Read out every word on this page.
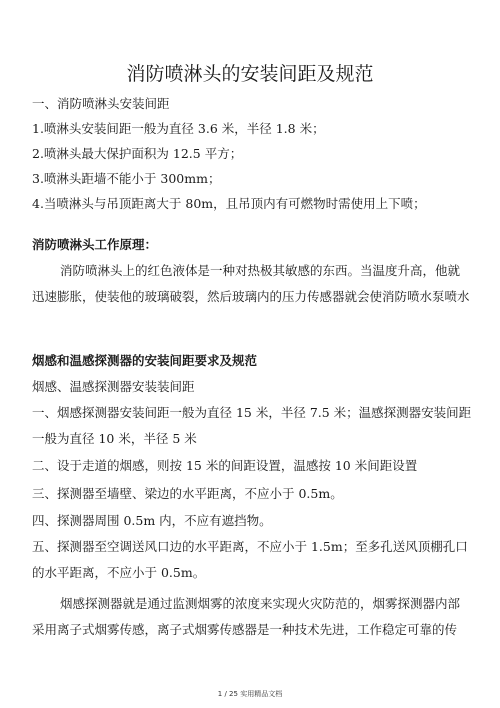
消防喷淋头的安装间距及规范
一、消防喷淋头安装间距
1.喷淋头安装间距一般为直径 3.6 米，半径 1.8 米；
2.喷淋头最大保护面积为 12.5 平方；
3.喷淋头距墙不能小于 300mm；
4.当喷淋头与吊顶距离大于 80m，且吊顶内有可燃物时需使用上下喷；
消防喷淋头工作原理：
消防喷淋头上的红色液体是一种对热极其敏感的东西。当温度升高，他就迅速膨胀，使装他的玻璃破裂，然后玻璃内的压力传感器就会使消防喷水泵喷水
烟感和温感探测器的安装间距要求及规范
烟感、温感探测器安装装间距
一、烟感探测器安装间距一般为直径 15 米，半径 7.5 米；温感探测器安装间距一般为直径 10 米，半径 5 米
二、设于走道的烟感，则按 15 米的间距设置，温感按 10 米间距设置
三、探测器至墙壁、梁边的水平距离，不应小于 0.5m。
四、探测器周围 0.5m 内，不应有遮挡物。
五、探测器至空调送风口边的水平距离，不应小于 1.5m；至多孔送风顶棚孔口的水平距离，不应小于 0.5m。
烟感探测器就是通过监测烟雾的浓度来实现火灾防范的，烟雾探测器内部采用离子式烟雾传感，离子式烟雾传感器是一种技术先进，工作稳定可靠的传
1 / 25 实用精品文档
